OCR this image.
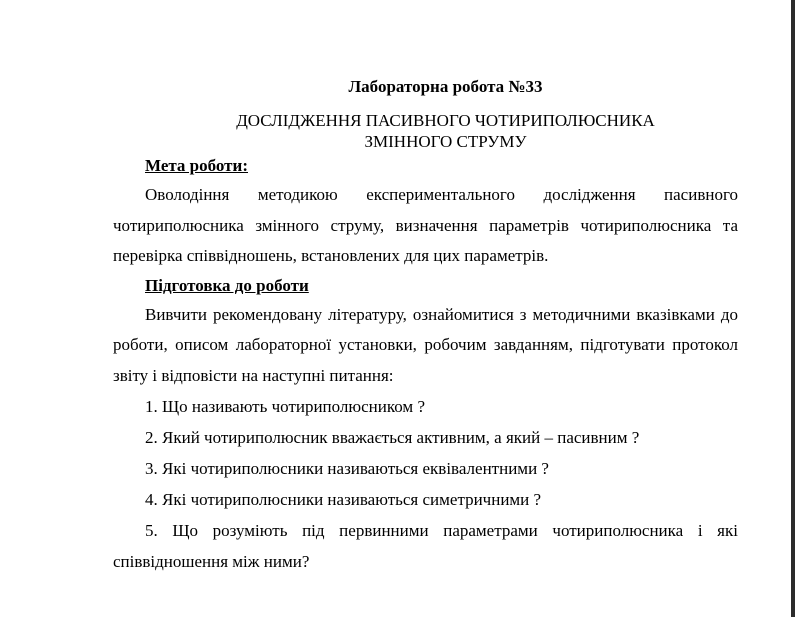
Лабораторна робота №33
ДОСЛІДЖЕННЯ ПАСИВНОГО ЧОТИРИПОЛЮСНИКА
ЗМІННОГО СТРУМУ
Мета роботи:

Оволодіння методикою експериментального дослідження пасивного чотириполюсника змінного струму, визначення параметрів чотириполюсника та перевірка співвідношень, встановлених для цих параметрів.

Підготовка до роботи

Вивчити рекомендовану літературу, ознайомитися з методичними вказівками до роботи, описом лабораторної установки, робочим завданням, підготувати протокол звіту і відповісти на наступні питання:

1. Що називають чотириполюсником ?
2. Який чотириполюсник вважається активним, а який – пасивним ?
3. Які чотириполюсники називаються еквівалентними ?
4. Які чотириполюсники називаються симетричними ?
5. Що розуміють під первинними параметрами чотириполюсника і які співвідношення між ними?
